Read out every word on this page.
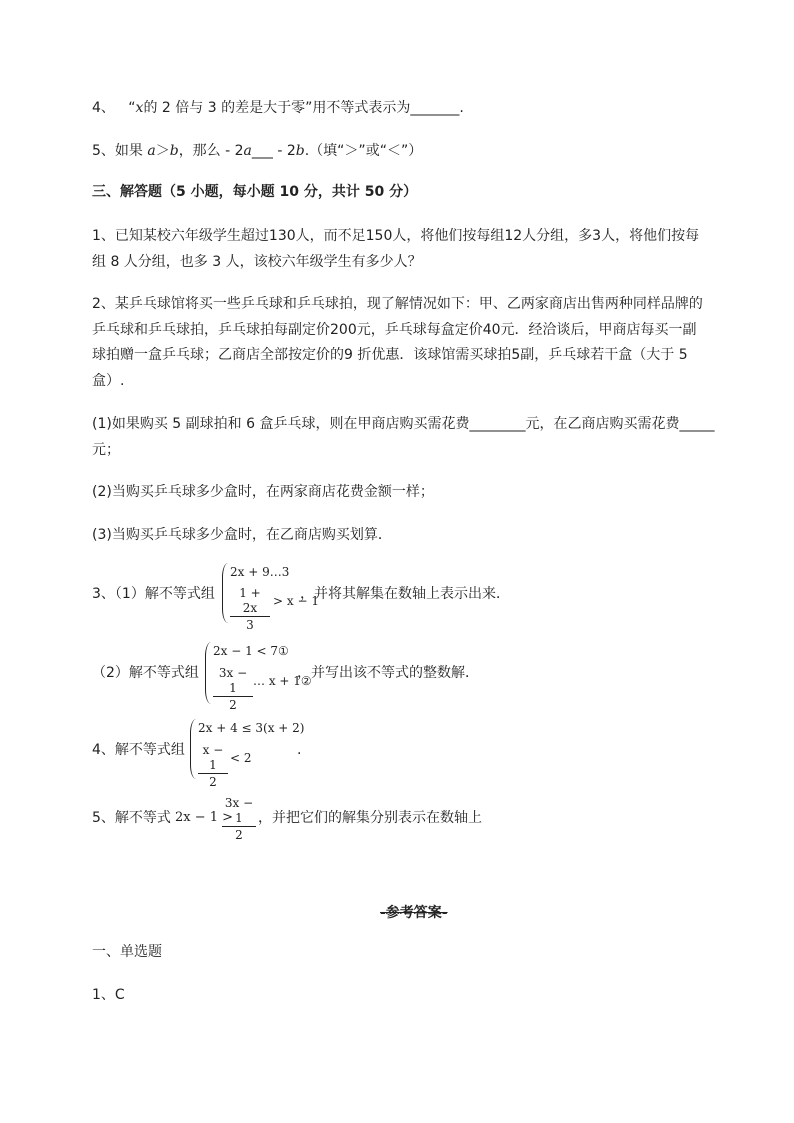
4、 “x的 2 倍与 3 的差是大于零”用不等式表示为_______.
5、如果 a＞b，那么 - 2a___ - 2b.（填“＞”或“＜”）
三、解答题（5 小题，每小题 10 分，共计 50 分）
1、已知某校六年级学生超过130人，而不足150人，将他们按每组12人分组，多3人，将他们按每
组 8 人分组，也多 3 人，该校六年级学生有多少人？
2、某乒乓球馆将买一些乒乓球和乒乓球拍，现了解情况如下：甲、乙两家商店出售两种同样品牌的
乒乓球和乒乓球拍，乒乓球拍每副定价200元，乒乓球每盒定价40元．经洽谈后，甲商店每买一副
球拍赠一盒乒乓球；乙商店全部按定价的9 折优惠．该球馆需买球拍5副，乒乓球若干盒（大于 5
盒）.
(1)如果购买 5 副球拍和 6 盒乒乓球，则在甲商店购买需花费________元，在乙商店购买需花费_____
元；
(2)当购买乒乓球多少盒时，在两家商店花费金额一样；
(3)当购买乒乓球多少盒时，在乙商店购买划算．
3、（1）解不等式组
2x + 9…3
$\frac{1 + 2x}{3} > x - 1$
，并将其解集在数轴上表示出来．
（2）解不等式组
2x − 1 < 7①
$\frac{3x - 1}{2}$ … x + 1②
，并写出该不等式的整数解．
4、解不等式组
2x + 4 ≤ 3(x + 2)
$\frac{x - 1}{2} < 2$	.
5、解不等式 2x − 1 >
$\frac{3x - 1}{2}$ ，并把它们的解集分别表示在数轴上
-参考答案-
一、单选题
1、C
